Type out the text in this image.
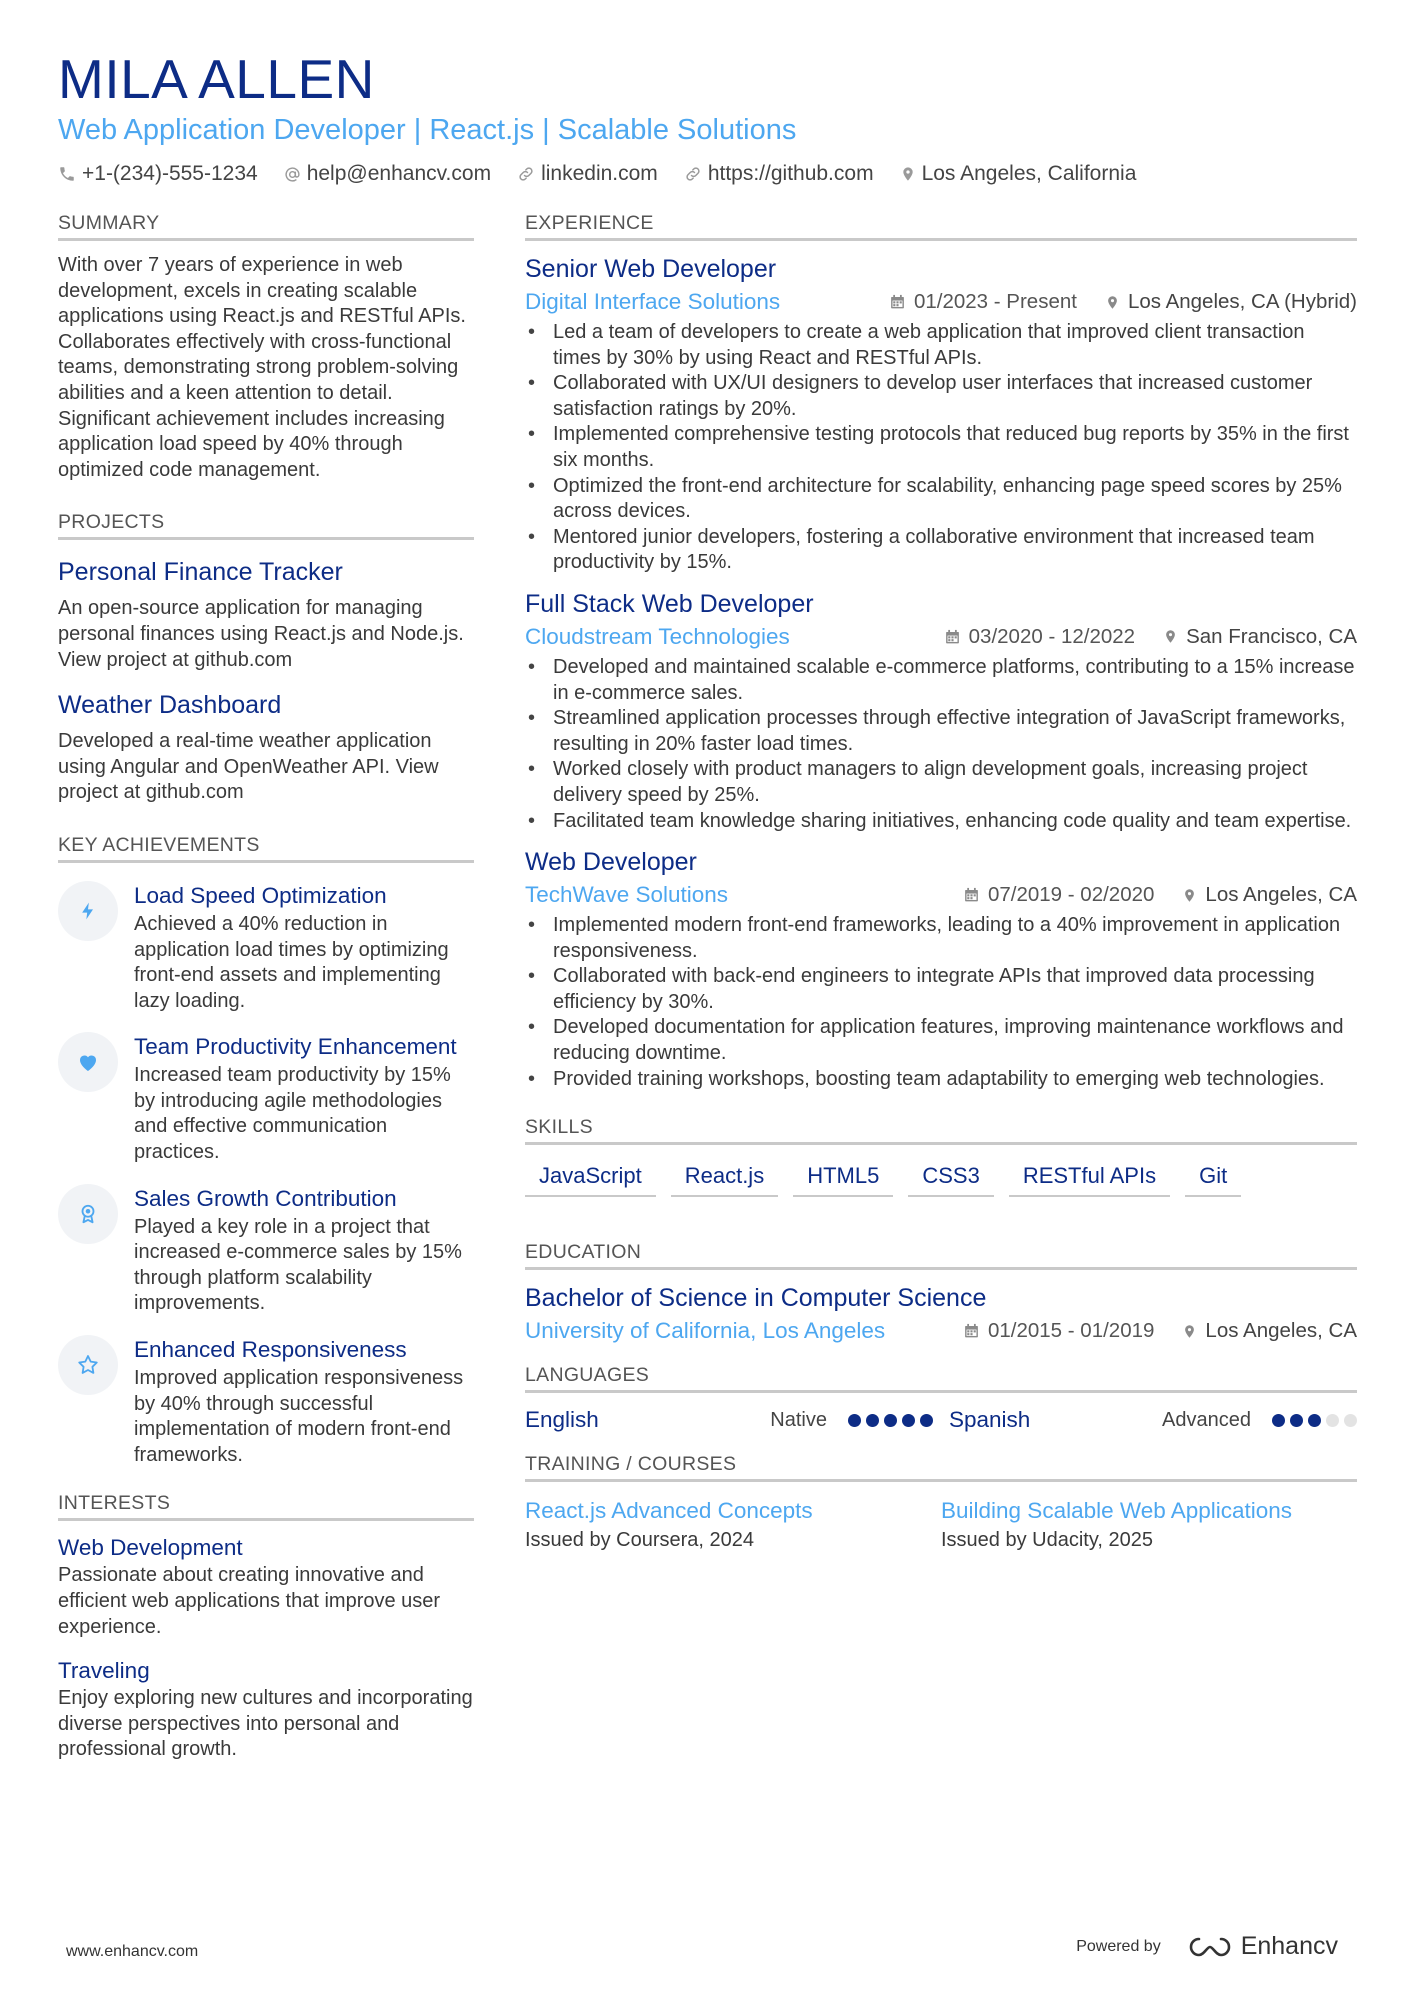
MILA ALLEN
Web Application Developer | React.js | Scalable Solutions
+1-(234)-555-1234 help@enhancv.com linkedin.com https://github.com Los Angeles, California
SUMMARY
With over 7 years of experience in web development, excels in creating scalable applications using React.js and RESTful APIs. Collaborates effectively with cross-functional teams, demonstrating strong problem-solving abilities and a keen attention to detail. Significant achievement includes increasing application load speed by 40% through optimized code management.
PROJECTS
Personal Finance Tracker
An open-source application for managing personal finances using React.js and Node.js. View project at github.com
Weather Dashboard
Developed a real-time weather application using Angular and OpenWeather API. View project at github.com
KEY ACHIEVEMENTS
Load Speed Optimization
Achieved a 40% reduction in application load times by optimizing front-end assets and implementing lazy loading.
Team Productivity Enhancement
Increased team productivity by 15% by introducing agile methodologies and effective communication practices.
Sales Growth Contribution
Played a key role in a project that increased e-commerce sales by 15% through platform scalability improvements.
Enhanced Responsiveness
Improved application responsiveness by 40% through successful implementation of modern front-end frameworks.
INTERESTS
Web Development
Passionate about creating innovative and efficient web applications that improve user experience.
Traveling
Enjoy exploring new cultures and incorporating diverse perspectives into personal and professional growth.
EXPERIENCE
Senior Web Developer
Digital Interface Solutions	01/2023 - Present Los Angeles, CA (Hybrid)
• Led a team of developers to create a web application that improved client transaction times by 30% by using React and RESTful APIs.
• Collaborated with UX/UI designers to develop user interfaces that increased customer satisfaction ratings by 20%.
• Implemented comprehensive testing protocols that reduced bug reports by 35% in the first six months.
• Optimized the front-end architecture for scalability, enhancing page speed scores by 25% across devices.
• Mentored junior developers, fostering a collaborative environment that increased team productivity by 15%.
Full Stack Web Developer
Cloudstream Technologies	03/2020 - 12/2022 San Francisco, CA
• Developed and maintained scalable e-commerce platforms, contributing to a 15% increase in e-commerce sales.
• Streamlined application processes through effective integration of JavaScript frameworks, resulting in 20% faster load times.
• Worked closely with product managers to align development goals, increasing project delivery speed by 25%.
• Facilitated team knowledge sharing initiatives, enhancing code quality and team expertise.
Web Developer
TechWave Solutions	07/2019 - 02/2020 Los Angeles, CA
• Implemented modern front-end frameworks, leading to a 40% improvement in application responsiveness.
• Collaborated with back-end engineers to integrate APIs that improved data processing efficiency by 30%.
• Developed documentation for application features, improving maintenance workflows and reducing downtime.
• Provided training workshops, boosting team adaptability to emerging web technologies.
SKILLS
JavaScript	React.js	HTML5	CSS3	RESTful APIs	Git
EDUCATION
Bachelor of Science in Computer Science
University of California, Los Angeles	01/2015 - 01/2019 Los Angeles, CA
LANGUAGES
English	Native	Spanish	Advanced
TRAINING / COURSES
React.js Advanced Concepts
Issued by Coursera, 2024
Building Scalable Web Applications
Issued by Udacity, 2025
www.enhancv.com	Powered by	Enhancv
